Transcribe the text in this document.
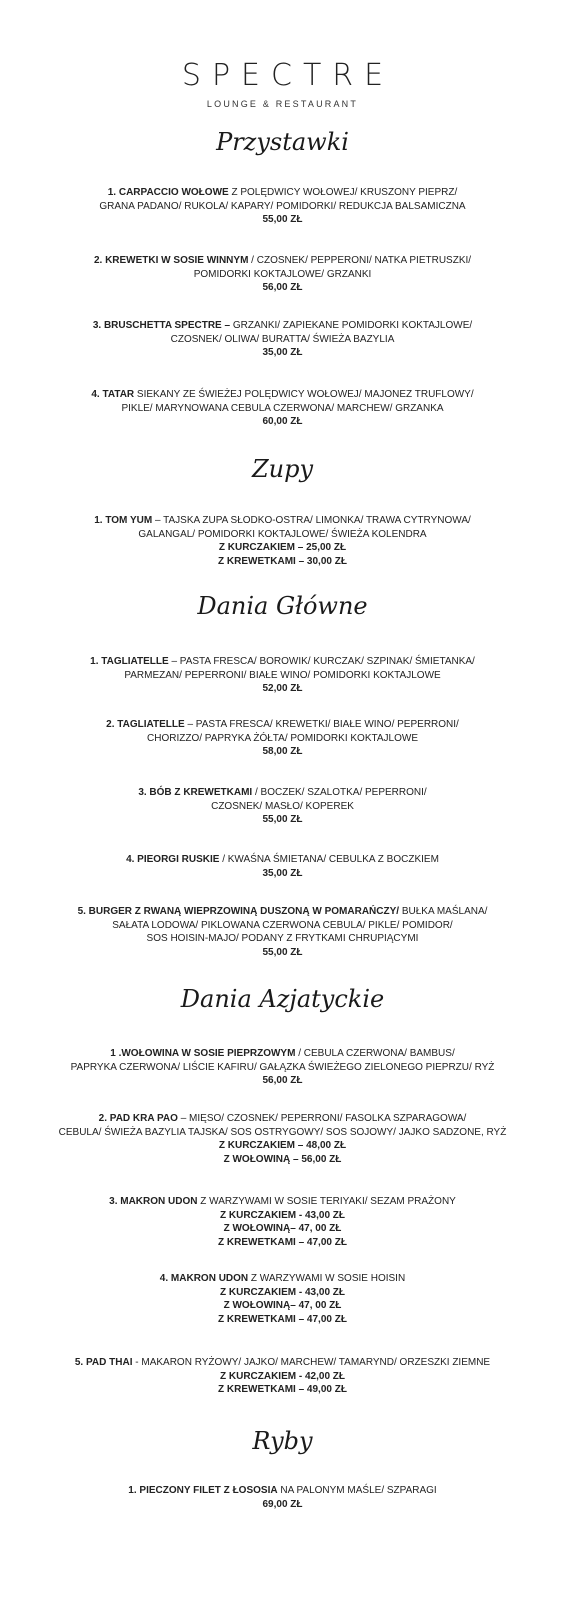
SPECTRE
LOUNGE & RESTAURANT
Przystawki
1. CARPACCIO WOŁOWE Z POLĘDWICY WOŁOWEJ/ KRUSZONY PIEPRZ/
GRANA PADANO/ RUKOLA/ KAPARY/ POMIDORKI/ REDUKCJA BALSAMICZNA
55,00 ZŁ
2. KREWETKI W SOSIE WINNYM / CZOSNEK/ PEPPERONI/ NATKA PIETRUSZKI/
POMIDORKI KOKTAJLOWE/ GRZANKI
56,00 ZŁ
3. BRUSCHETTA SPECTRE – GRZANKI/ ZAPIEKANE POMIDORKI KOKTAJLOWE/
CZOSNEK/ OLIWA/ BURATTA/ ŚWIEŻA BAZYLIA
35,00 ZŁ
4. TATAR SIEKANY ZE ŚWIEŻEJ POLĘDWICY WOŁOWEJ/ MAJONEZ TRUFLOWY/
PIKLE/ MARYNOWANA CEBULA CZERWONA/ MARCHEW/ GRZANKA
60,00 ZŁ
Zupy
1. TOM YUM – TAJSKA ZUPA SŁODKO-OSTRA/ LIMONKA/ TRAWA CYTRYNOWA/
GALANGAL/ POMIDORKI KOKTAJLOWE/ ŚWIEŻA KOLENDRA
Z KURCZAKIEM – 25,00 ZŁ
Z KREWETKAMI – 30,00 ZŁ
Dania Główne
1. TAGLIATELLE – PASTA FRESCA/ BOROWIK/ KURCZAK/ SZPINAK/ ŚMIETANKA/
PARMEZAN/ PEPERRONI/ BIAŁE WINO/ POMIDORKI KOKTAJLOWE
52,00 ZŁ
2. TAGLIATELLE – PASTA FRESCA/ KREWETKI/ BIAŁE WINO/ PEPERRONI/
CHORIZZO/ PAPRYKA ŻÓŁTA/ POMIDORKI KOKTAJLOWE
58,00 ZŁ
3. BÓB Z KREWETKAMI / BOCZEK/ SZALOTKA/ PEPERRONI/
CZOSNEK/ MASŁO/ KOPEREK
55,00 ZŁ
4. PIEORGI RUSKIE / KWAŚNA ŚMIETANA/ CEBULKA Z BOCZKIEM
35,00 ZŁ
5. BURGER Z RWANĄ WIEPRZOWINĄ DUSZONĄ W POMARAŃCZY/ BUŁKA MAŚLANA/
SAŁATA LODOWA/ PIKLOWANA CZERWONA CEBULA/ PIKLE/ POMIDOR/
SOS HOISIN-MAJO/ PODANY Z FRYTKAMI CHRUPIĄCYMI
55,00 ZŁ
Dania Azjatyckie
1 .WOŁOWINA W SOSIE PIEPRZOWYM / CEBULA CZERWONA/ BAMBUS/
PAPRYKA CZERWONA/ LIŚCIE KAFIRU/ GAŁĄZKA ŚWIEŻEGO ZIELONEGO PIEPRZU/ RYŻ
56,00 ZŁ
2. PAD KRA PAO – MIĘSO/ CZOSNEK/ PEPERRONI/ FASOLKA SZPARAGOWA/
CEBULA/ ŚWIEŻA BAZYLIA TAJSKA/ SOS OSTRYGOWY/ SOS SOJOWY/ JAJKO SADZONE, RYŻ
Z KURCZAKIEM – 48,00 ZŁ
Z WOŁOWINĄ – 56,00 ZŁ
3. MAKRON UDON Z WARZYWAMI W SOSIE TERIYAKI/ SEZAM PRAŻONY
Z KURCZAKIEM - 43,00 ZŁ
Z WOŁOWINĄ– 47, 00 ZŁ
Z KREWETKAMI – 47,00 ZŁ
4. MAKRON UDON Z WARZYWAMI W SOSIE HOISIN
Z KURCZAKIEM - 43,00 ZŁ
Z WOŁOWINĄ– 47, 00 ZŁ
Z KREWETKAMI – 47,00 ZŁ
5. PAD THAI - MAKARON RYŻOWY/ JAJKO/ MARCHEW/ TAMARYND/ ORZESZKI ZIEMNE
Z KURCZAKIEM - 42,00 ZŁ
Z KREWETKAMI – 49,00 ZŁ
Ryby
1. PIECZONY FILET Z ŁOSOSIA NA PALONYM MAŚLE/ SZPARAGI
69,00 ZŁ
